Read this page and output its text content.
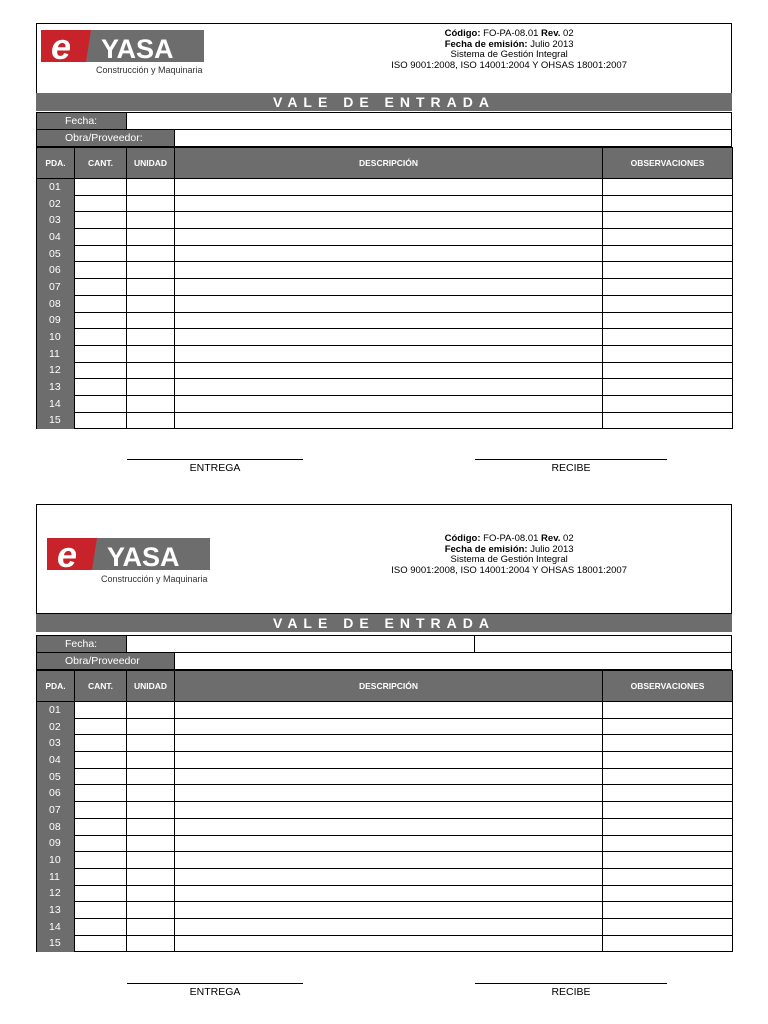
e YASA
Construcción y Maquinaria
Código: FO-PA-08.01 Rev. 02
Fecha de emisión: Julio 2013
Sistema de Gestión Integral
ISO 9001:2008, ISO 14001:2004 Y OHSAS 18001:2007
VALE DE ENTRADA
Fecha:
Obra/Proveedor:
PDA.	CANT.	UNIDAD	DESCRIPCIÓN	OBSERVACIONES
01				
02				
03				
04				
05				
06				
07				
08				
09				
10				
11				
12				
13				
14				
15				
ENTREGA	RECIBE
e YASA
Construcción y Maquinaria
Código: FO-PA-08.01 Rev. 02
Fecha de emisión: Julio 2013
Sistema de Gestión Integral
ISO 9001:2008, ISO 14001:2004 Y OHSAS 18001:2007
VALE DE ENTRADA
Fecha:
Obra/Proveedor
PDA.	CANT.	UNIDAD	DESCRIPCIÓN	OBSERVACIONES
01				
02				
03				
04				
05				
06				
07				
08				
09				
10				
11				
12				
13				
14				
15				
ENTREGA	RECIBE
